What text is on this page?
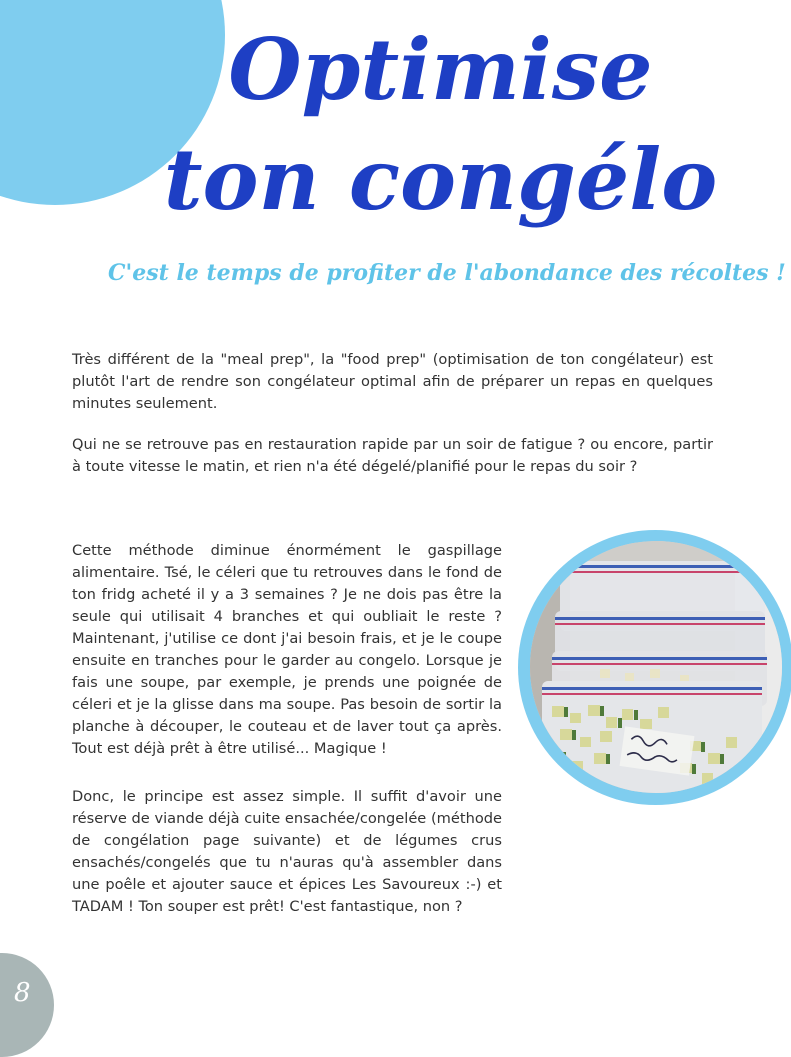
Optimise
ton congélo
C'est le temps de profiter de l'abondance des récoltes !

Très différent de la "meal prep", la "food prep" (optimisation de ton congélateur) est plutôt l'art de rendre son congélateur optimal afin de préparer un repas en quelques minutes seulement.

Qui ne se retrouve pas en restauration rapide par un soir de fatigue ? ou encore, partir à toute vitesse le matin, et rien n'a été dégelé/planifié pour le repas du soir ?

Cette méthode diminue énormément le gaspillage alimentaire. Tsé, le céleri que tu retrouves dans le fond de ton fridg acheté il y a 3 semaines ? Je ne dois pas être la seule qui utilisait 4 branches et qui oubliait le reste ? Maintenant, j'utilise ce dont j'ai besoin frais, et je le coupe ensuite en tranches pour le garder au congelo. Lorsque je fais une soupe, par exemple, je prends une poignée de céleri et je la glisse dans ma soupe. Pas besoin de sortir la planche à découper, le couteau et de laver tout ça après. Tout est déjà prêt à être utilisé... Magique !

Donc, le principe est assez simple. Il suffit d'avoir une réserve de viande déjà cuite ensachée/congelée (méthode de congélation page suivante) et de légumes crus ensachés/congelés que tu n'auras qu'à assembler dans une poêle et ajouter sauce et épices Les Savoureux :-) et TADAM ! Ton souper est prêt! C'est fantastique, non ?

8
